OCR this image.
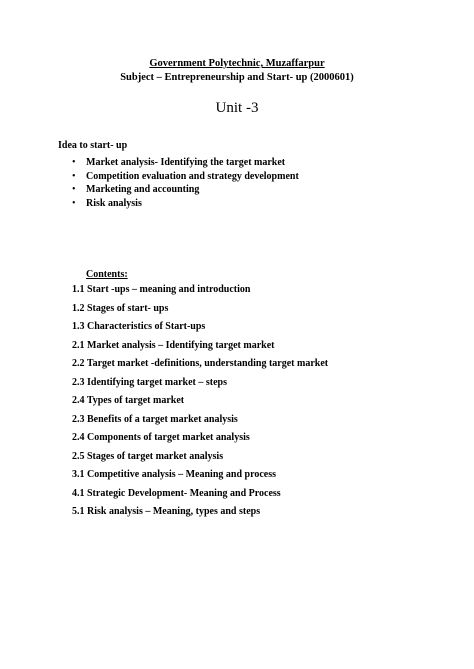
Government Polytechnic, Muzaffarpur
Subject – Entrepreneurship and Start- up (2000601)
Unit -3
Idea to start- up
•	Market analysis- Identifying the target market
•	Competition evaluation and strategy development
•	Marketing and accounting
•	Risk analysis
Contents:
1.1 Start -ups – meaning and introduction
1.2 Stages of start- ups
1.3 Characteristics of Start-ups
2.1 Market analysis – Identifying target market
2.2 Target market -definitions, understanding target market
2.3 Identifying target market – steps
2.4 Types of target market
2.3 Benefits of a target market analysis
2.4 Components of target market analysis
2.5 Stages of target market analysis
3.1 Competitive analysis – Meaning and process
4.1 Strategic Development- Meaning and Process
5.1 Risk analysis – Meaning, types and steps
